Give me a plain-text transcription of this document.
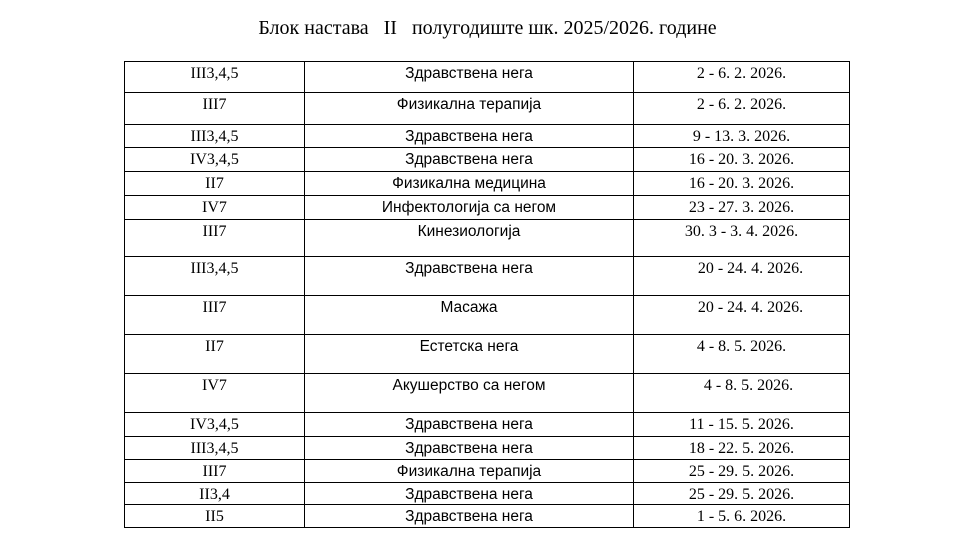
Блок настава   II   полугодиште шк. 2025/2026. године
III3,4,5	Здравствена нега	2 - 6. 2. 2026.
III7	Физикална терапија	2 - 6. 2. 2026.
III3,4,5	Здравствена нега	9 - 13. 3. 2026.
IV3,4,5	Здравствена нега	16 - 20. 3. 2026.
II7	Физикална медицина	16 - 20. 3. 2026.
IV7	Инфектологија са негом	23 - 27. 3. 2026.
III7	Кинезиологија	30. 3 - 3. 4. 2026.
III3,4,5	Здравствена нега	20 - 24. 4. 2026.
III7	Масажа	20 - 24. 4. 2026.
II7	Естетска нега	4 - 8. 5. 2026.
IV7	Акушерство са негом	4 - 8. 5. 2026.
IV3,4,5	Здравствена нега	11 - 15. 5. 2026.
III3,4,5	Здравствена нега	18 - 22. 5. 2026.
III7	Физикална терапија	25 - 29. 5. 2026.
II3,4	Здравствена нега	25 - 29. 5. 2026.
II5	Здравствена нега	1 - 5. 6. 2026.
